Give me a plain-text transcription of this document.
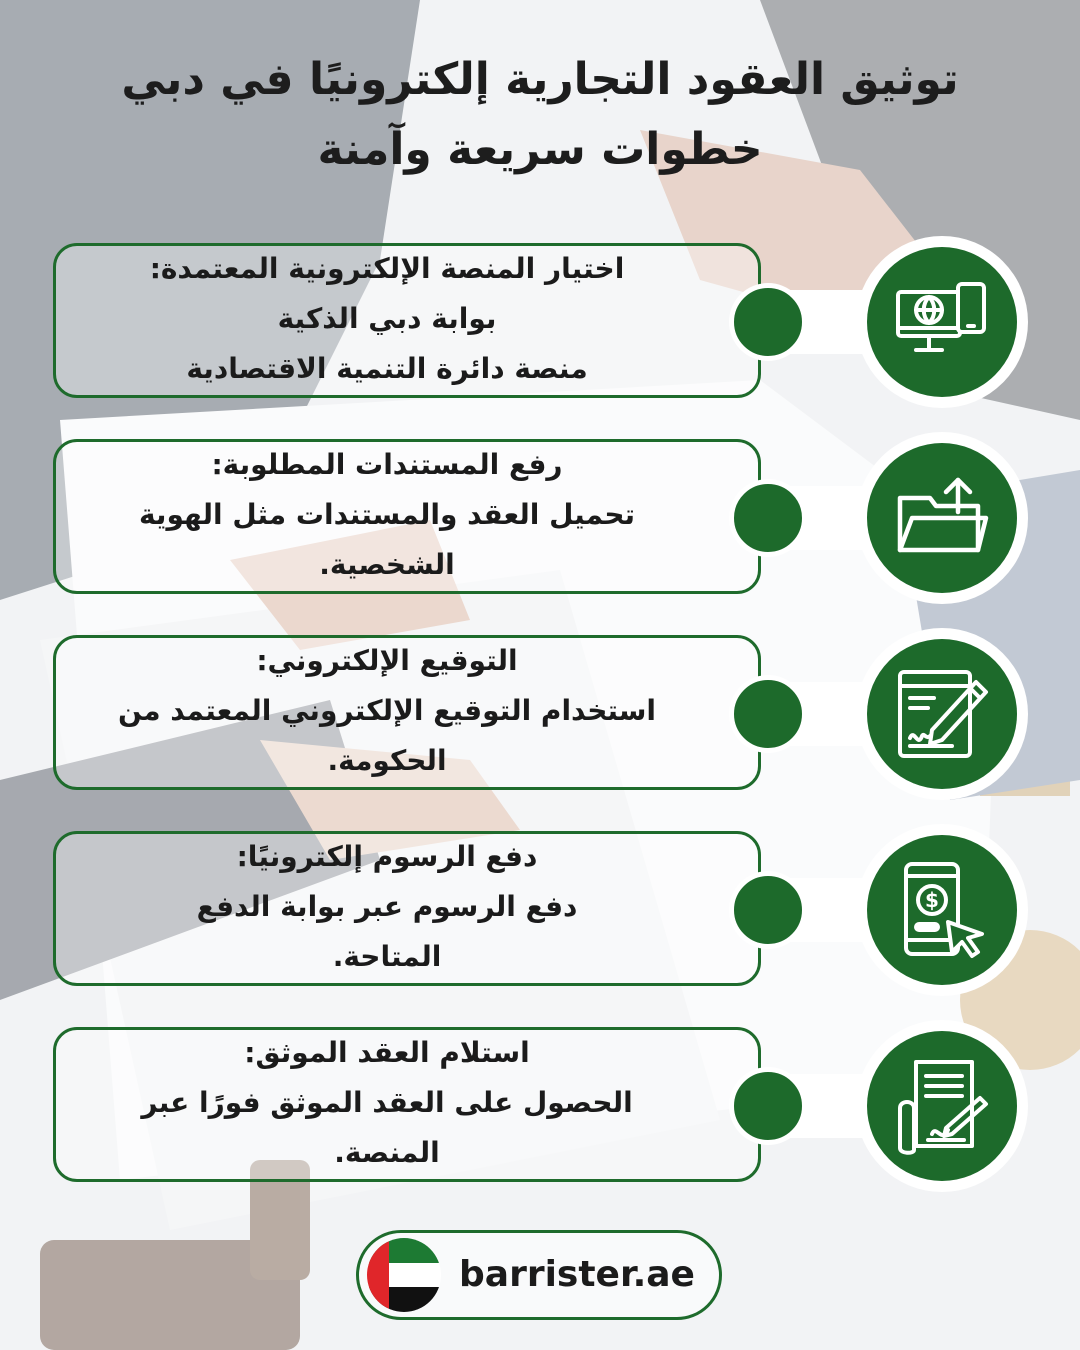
توثيق العقود التجارية إلكترونيًا في دبي
خطوات سريعة وآمنة
اختيار المنصة الإلكترونية المعتمدة:
بوابة دبي الذكية
منصة دائرة التنمية الاقتصادية
رفع المستندات المطلوبة:
تحميل العقد والمستندات مثل الهوية
الشخصية.
التوقيع الإلكتروني:
استخدام التوقيع الإلكتروني المعتمد من
الحكومة.
دفع الرسوم إلكترونيًا:
دفع الرسوم عبر بوابة الدفع
المتاحة.
$
استلام العقد الموثق:
الحصول على العقد الموثق فورًا عبر
المنصة.
barrister.ae
